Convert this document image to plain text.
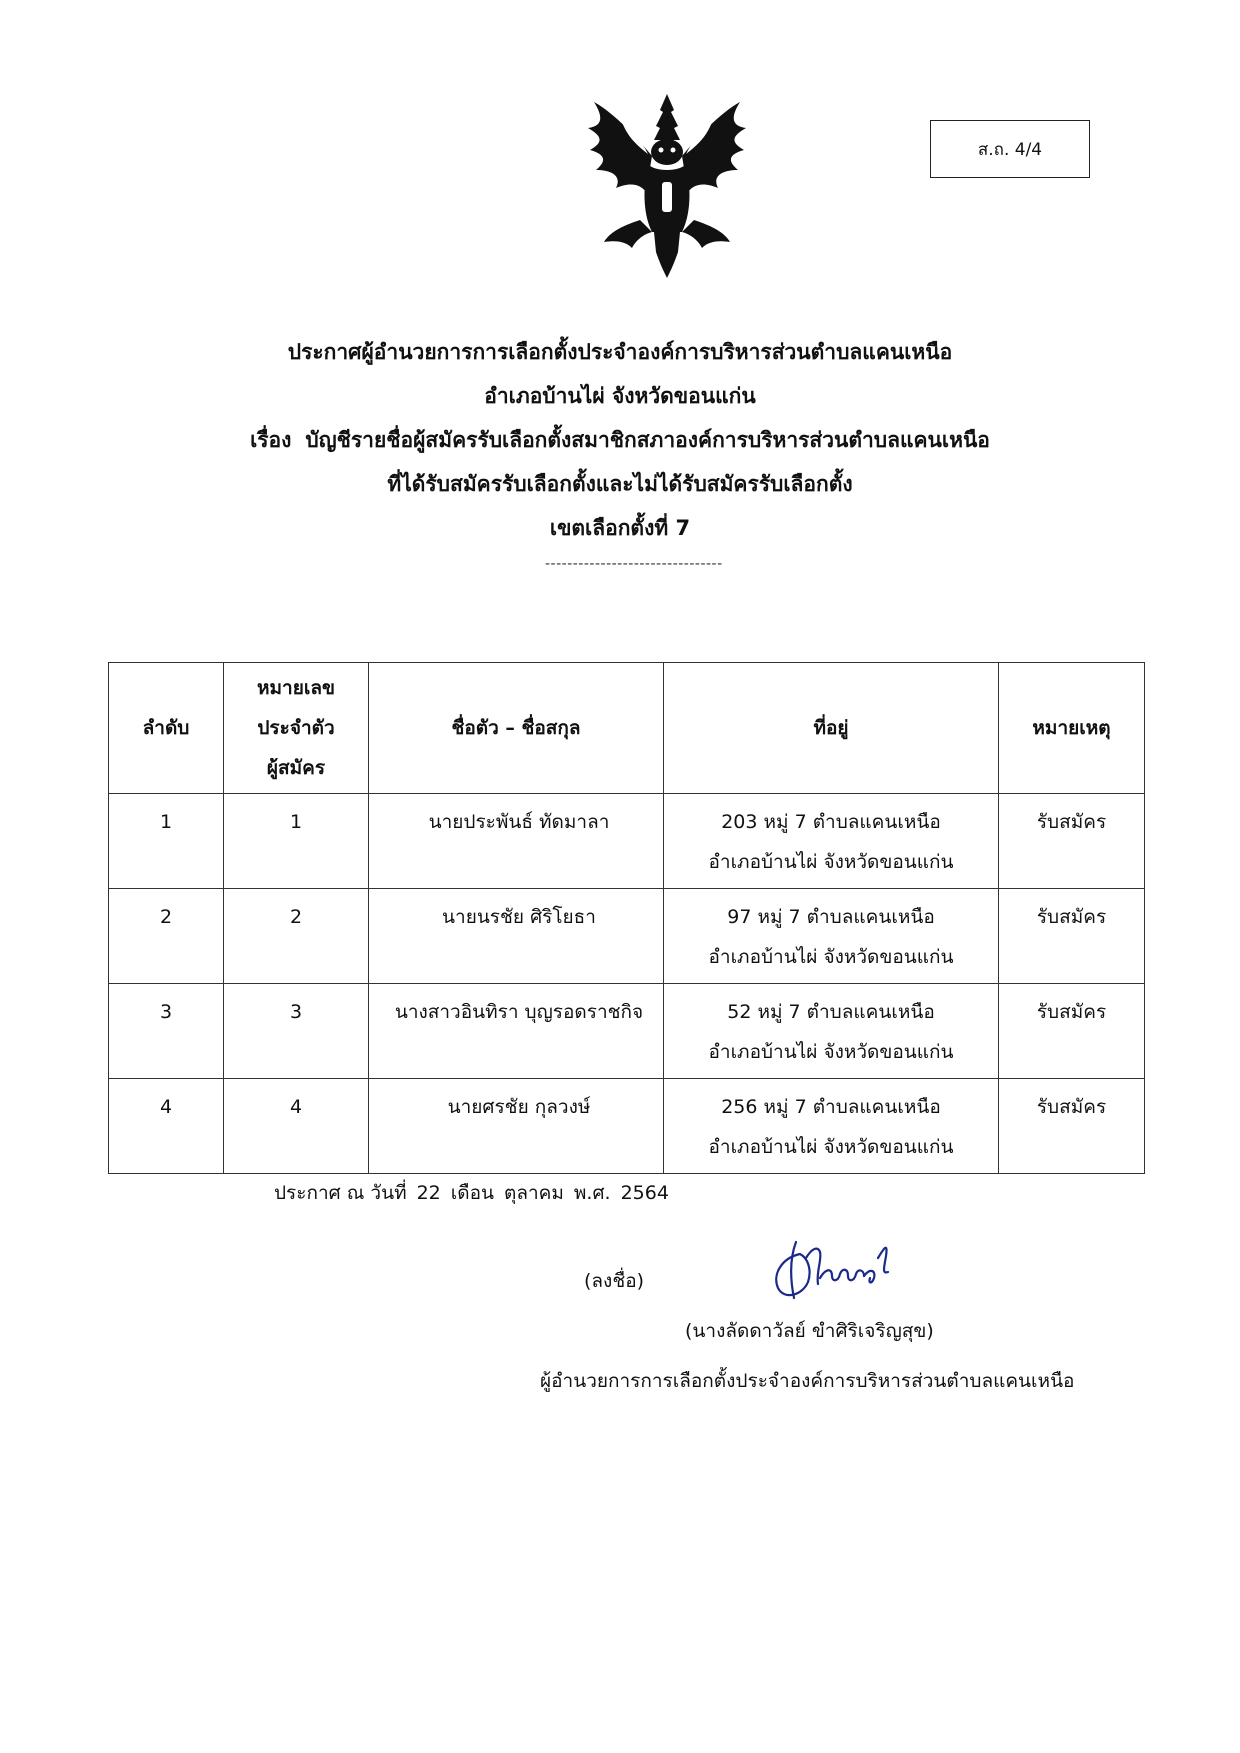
ส.ถ. 4/4
ประกาศผู้อำนวยการการเลือกตั้งประจำองค์การบริหารส่วนตำบลแคนเหนือ
อำเภอบ้านไผ่ จังหวัดขอนแก่น
เรื่อง บัญชีรายชื่อผู้สมัครรับเลือกตั้งสมาชิกสภาองค์การบริหารส่วนตำบลแคนเหนือ
ที่ได้รับสมัครรับเลือกตั้งและไม่ได้รับสมัครรับเลือกตั้ง
เขตเลือกตั้งที่ 7
--------------------------------
ลำดับ	หมายเลข
ประจำตัว
ผู้สมัคร	ชื่อตัว – ชื่อสกุล	ที่อยู่	หมายเหตุ
1	1	นายประพันธ์ ทัดมาลา	203 หมู่ 7 ตำบลแคนเหนือ
อำเภอบ้านไผ่ จังหวัดขอนแก่น	รับสมัคร
2	2	นายนรชัย ศิริโยธา	97 หมู่ 7 ตำบลแคนเหนือ
อำเภอบ้านไผ่ จังหวัดขอนแก่น	รับสมัคร
3	3	นางสาวอินทิรา บุญรอดราชกิจ	52 หมู่ 7 ตำบลแคนเหนือ
อำเภอบ้านไผ่ จังหวัดขอนแก่น	รับสมัคร
4	4	นายศรชัย กุลวงษ์	256 หมู่ 7 ตำบลแคนเหนือ
อำเภอบ้านไผ่ จังหวัดขอนแก่น	รับสมัคร
ประกาศ ณ วันที่ 22 เดือน ตุลาคม พ.ศ. 2564
(ลงชื่อ)
(นางลัดดาวัลย์ ขำศิริเจริญสุข)
ผู้อำนวยการการเลือกตั้งประจำองค์การบริหารส่วนตำบลแคนเหนือ
